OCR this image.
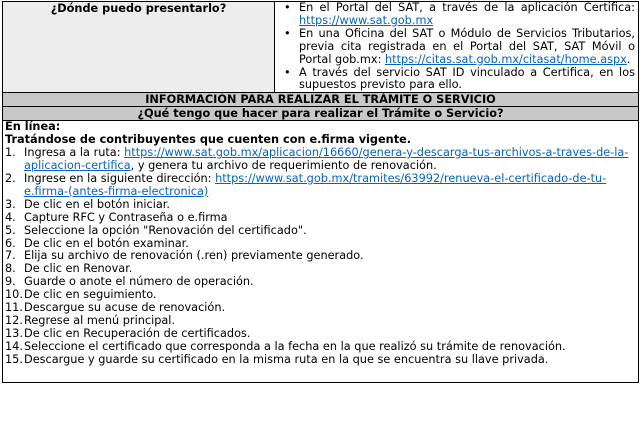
¿Dónde puedo presentarlo?	
•En el Portal del SAT, a través de la aplicación Certifica: https://www.sat.gob.mx
• En una Oficina del SAT o Módulo de Servicios Tributarios, previa cita registrada en el Portal del SAT, SAT Móvil o Portal gob.mx: https://citas.sat.gob.mx/citasat/home.aspx.
• A través del servicio SAT ID vinculado a Certifica, en los supuestos previsto para ello.

INFORMACIÓN PARA REALIZAR EL TRÁMITE O SERVICIO
¿Qué tengo que hacer para realizar el Trámite o Servicio?

En línea:
Tratándose de contribuyentes que cuenten con e.firma vigente.
1. Ingresa a la ruta: https://www.sat.gob.mx/aplicacion/16660/genera-y-descarga-tus-archivos-a-traves-de-la-aplicacion-certifica, y genera tu archivo de requerimiento de renovación.
2. Ingrese en la siguiente dirección: https://www.sat.gob.mx/tramites/63992/renueva-el-certificado-de-tu-e.firma-(antes-firma-electronica)
3. De clic en el botón iniciar.
4. Capture RFC y Contraseña o e.firma
5. Seleccione la opción "Renovación del certificado".
6. De clic en el botón examinar.
7. Elija su archivo de renovación (.ren) previamente generado.
8. De clic en Renovar.
9. Guarde o anote el número de operación.
10. De clic en seguimiento.
11. Descargue su acuse de renovación.
12. Regrese al menú principal.
13. De clic en Recuperación de certificados.
14. Seleccione el certificado que corresponda a la fecha en la que realizó su trámite de renovación.
15. Descargue y guarde su certificado en la misma ruta en la que se encuentra su llave privada.
